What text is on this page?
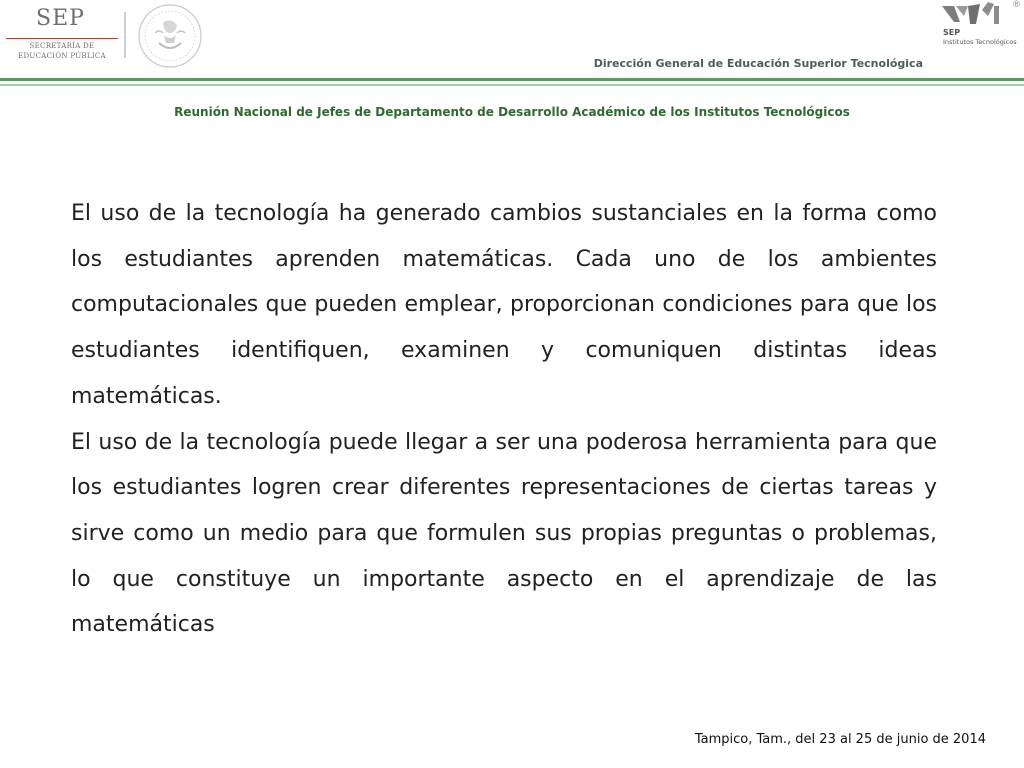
SEP
SECRETARÍA DE
EDUCACIÓN PÚBLICA
SEP
Institutos Tecnológicos
®
Dirección General de Educación Superior Tecnológica
Reunión Nacional de Jefes de Departamento de Desarrollo Académico de los Institutos Tecnológicos

El uso de la tecnología ha generado cambios sustanciales en la forma como los estudiantes aprenden matemáticas. Cada uno de los ambientes computacionales que pueden emplear, proporcionan condiciones para que los estudiantes identifiquen, examinen y comuniquen distintas ideas matemáticas.

El uso de la tecnología puede llegar a ser una poderosa herramienta para que los estudiantes logren crear diferentes representaciones de ciertas tareas y sirve como un medio para que formulen sus propias preguntas o problemas, lo que constituye un importante aspecto en el aprendizaje de las matemáticas

Tampico, Tam., del 23 al 25 de junio de 2014
